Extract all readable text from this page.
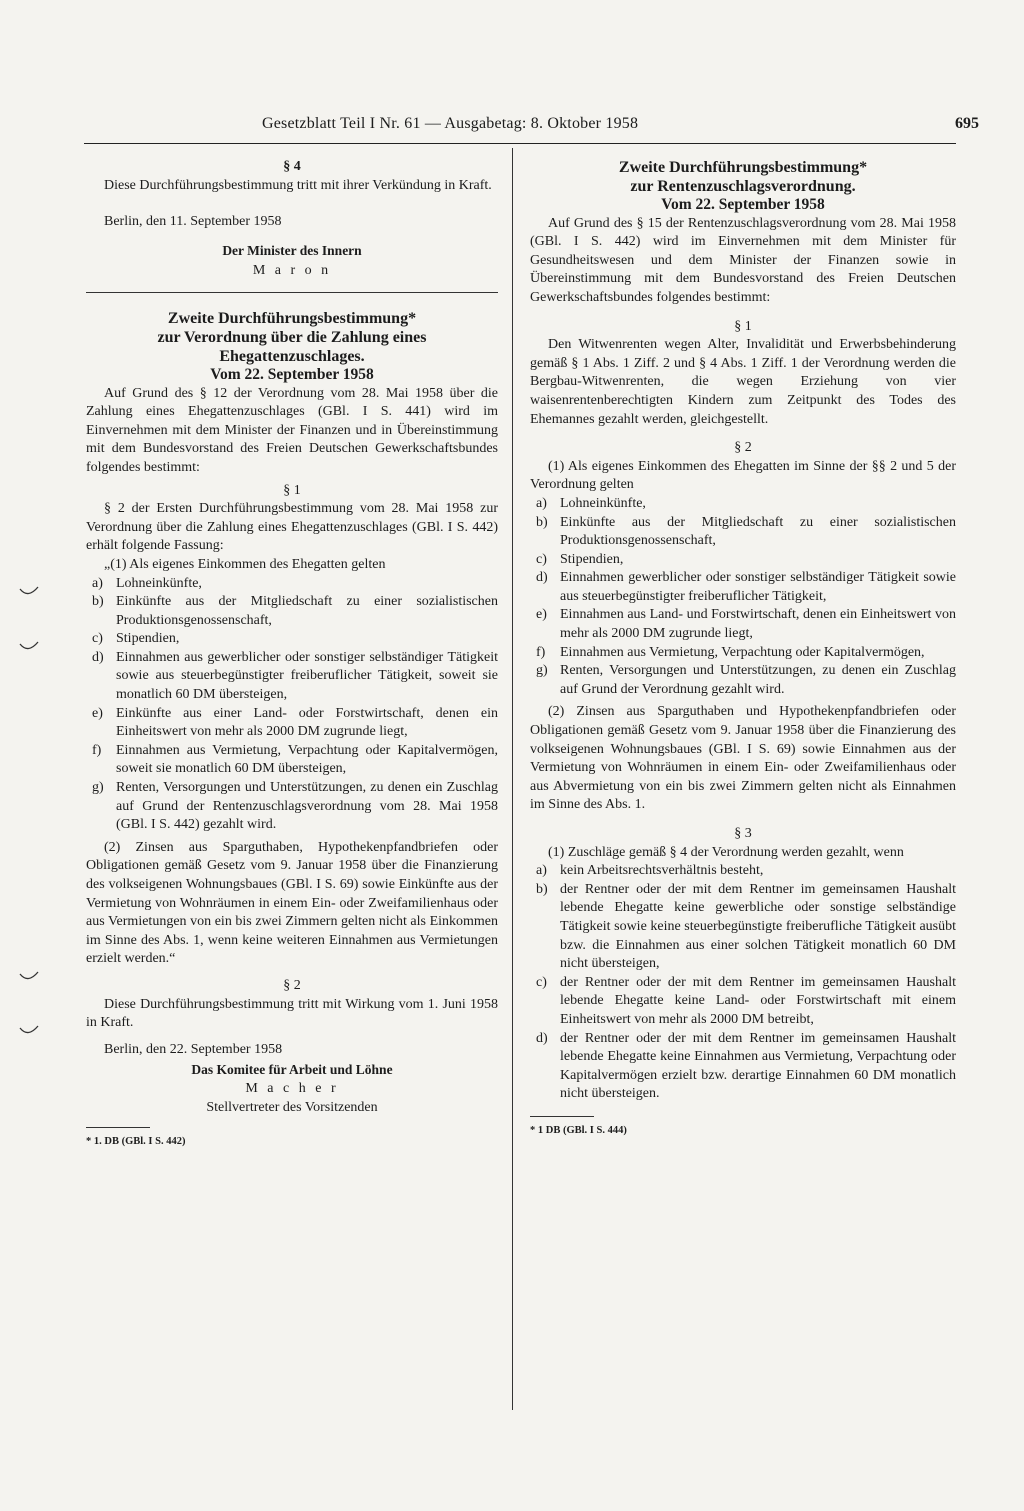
Gesetzblatt Teil I Nr. 61 — Ausgabetag: 8. Oktober 1958	695

§ 4

Diese Durchführungsbestimmung tritt mit ihrer Verkündung in Kraft.

Berlin, den 11. September 1958

Der Minister des Innern

M a r o n

Zweite Durchführungsbestimmung*

zur Verordnung über die Zahlung eines Ehegattenzuschlages.

Vom 22. September 1958

Auf Grund des § 12 der Verordnung vom 28. Mai 1958 über die Zahlung eines Ehegattenzuschlages (GBl. I S. 441) wird im Einvernehmen mit dem Minister der Finanzen und in Übereinstimmung mit dem Bundesvorstand des Freien Deutschen Gewerkschaftsbundes folgendes bestimmt:

§ 1

§ 2 der Ersten Durchführungsbestimmung vom 28. Mai 1958 zur Verordnung über die Zahlung eines Ehegattenzuschlages (GBl. I S. 442) erhält folgende Fassung:

„(1) Als eigenes Einkommen des Ehegatten gelten

a) Lohneinkünfte,
b) Einkünfte aus der Mitgliedschaft zu einer sozialistischen Produktionsgenossenschaft,
c) Stipendien,
d) Einnahmen aus gewerblicher oder sonstiger selbständiger Tätigkeit sowie aus steuerbegünstigter freiberuflicher Tätigkeit, soweit sie monatlich 60 DM übersteigen,
e) Einkünfte aus einer Land- oder Forstwirtschaft, denen ein Einheitswert von mehr als 2000 DM zugrunde liegt,
f)	Einnahmen aus Vermietung, Verpachtung oder Kapitalvermögen, soweit sie monatlich 60 DM übersteigen,
g) Renten, Versorgungen und Unterstützungen, zu denen ein Zuschlag auf Grund der Rentenzuschlagsverordnung vom 28. Mai 1958 (GBl. I S. 442) gezahlt wird.

(2) Zinsen aus Sparguthaben, Hypothekenpfandbriefen oder Obligationen gemäß Gesetz vom 9. Januar 1958 über die Finanzierung des volkseigenen Wohnungsbaues (GBl. I S. 69) sowie Einkünfte aus der Vermietung von Wohnräumen in einem Ein- oder Zweifamilienhaus oder aus Vermietungen von ein bis zwei Zimmern gelten nicht als Einkommen im Sinne des Abs. 1, wenn keine weiteren Einnahmen aus Vermietungen erzielt werden.“

§ 2

Diese Durchführungsbestimmung tritt mit Wirkung vom 1. Juni 1958 in Kraft.

Berlin, den 22. September 1958

Das Komitee für Arbeit und Löhne

M a c h e r

Stellvertreter des Vorsitzenden

* 1. DB (GBl. I S. 442)

Zweite Durchführungsbestimmung*

zur Rentenzuschlagsverordnung.

Vom 22. September 1958

Auf Grund des § 15 der Rentenzuschlagsverordnung vom 28. Mai 1958 (GBl. I S. 442) wird im Einvernehmen mit dem Minister für Gesundheitswesen und dem Minister der Finanzen sowie in Übereinstimmung mit dem Bundesvorstand des Freien Deutschen Gewerkschaftsbundes folgendes bestimmt:

§ 1

Den Witwenrenten wegen Alter, Invalidität und Erwerbsbehinderung gemäß § 1 Abs. 1 Ziff. 2 und § 4 Abs. 1 Ziff. 1 der Verordnung werden die Bergbau-Witwenrenten, die wegen Erziehung von vier waisenrentenberechtigten Kindern zum Zeitpunkt des Todes des Ehemannes gezahlt werden, gleichgestellt.

§ 2

(1) Als eigenes Einkommen des Ehegatten im Sinne der §§ 2 und 5 der Verordnung gelten

a) Lohneinkünfte,
b) Einkünfte aus der Mitgliedschaft zu einer sozialistischen Produktionsgenossenschaft,
c) Stipendien,
d) Einnahmen gewerblicher oder sonstiger selbständiger Tätigkeit sowie aus steuerbegünstigter freiberuflicher Tätigkeit,
e) Einnahmen aus Land- und Forstwirtschaft, denen ein Einheitswert von mehr als 2000 DM zugrunde liegt,
f)	Einnahmen aus Vermietung, Verpachtung oder Kapitalvermögen,
g) Renten, Versorgungen und Unterstützungen, zu denen ein Zuschlag auf Grund der Verordnung gezahlt wird.

(2) Zinsen aus Sparguthaben und Hypothekenpfandbriefen oder Obligationen gemäß Gesetz vom 9. Januar 1958 über die Finanzierung des volkseigenen Wohnungsbaues (GBl. I S. 69) sowie Einnahmen aus der Vermietung von Wohnräumen in einem Ein- oder Zweifamilienhaus oder aus Abvermietung von ein bis zwei Zimmern gelten nicht als Einnahmen im Sinne des Abs. 1.

§ 3

(1) Zuschläge gemäß § 4 der Verordnung werden gezahlt, wenn

a) kein Arbeitsrechtsverhältnis besteht,
b) der Rentner oder der mit dem Rentner im gemeinsamen Haushalt lebende Ehegatte keine gewerbliche oder sonstige selbständige Tätigkeit sowie keine steuerbegünstigte freiberufliche Tätigkeit ausübt bzw. die Einnahmen aus einer solchen Tätigkeit monatlich 60 DM nicht übersteigen,
c) der Rentner oder der mit dem Rentner im gemeinsamen Haushalt lebende Ehegatte keine Land- oder Forstwirtschaft mit einem Einheitswert von mehr als 2000 DM betreibt,
d) der Rentner oder der mit dem Rentner im gemeinsamen Haushalt lebende Ehegatte keine Einnahmen aus Vermietung, Verpachtung oder Kapitalvermögen erzielt bzw. derartige Einnahmen 60 DM monatlich nicht übersteigen.

* 1 DB (GBl. I S. 444)
